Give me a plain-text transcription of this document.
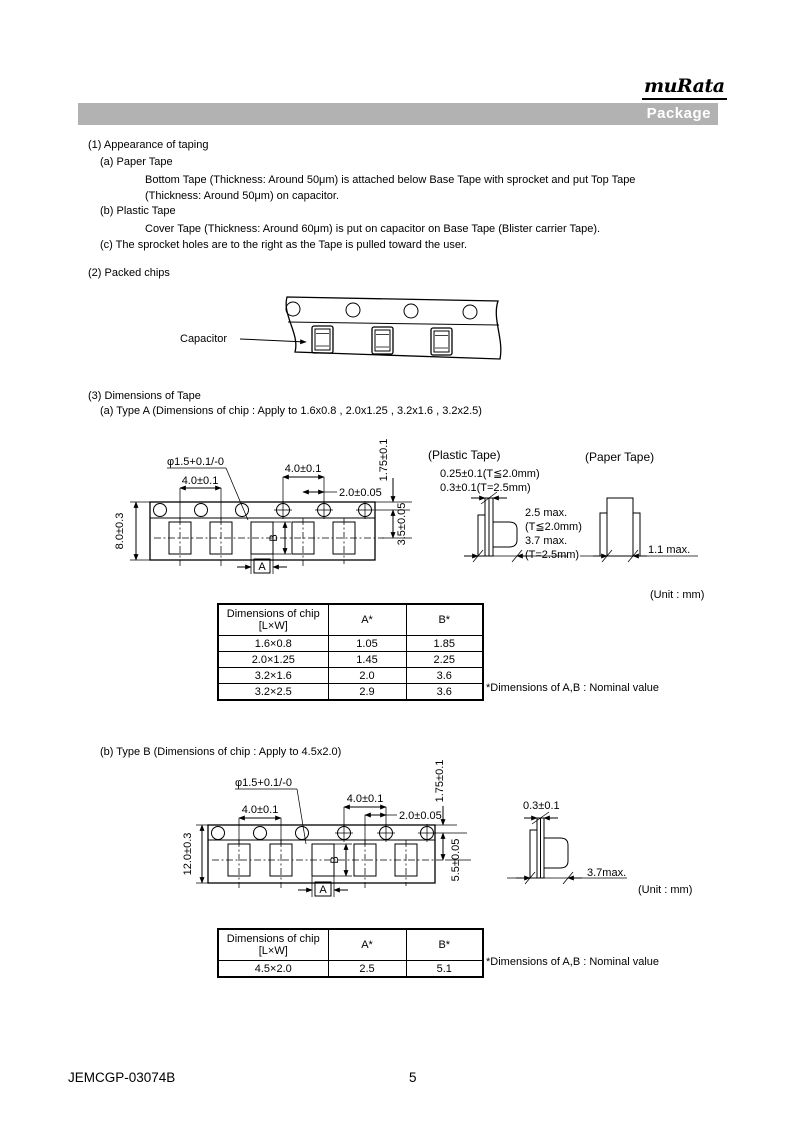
muRata
Package
(1) Appearance of taping
(a) Paper Tape
Bottom Tape (Thickness: Around 50μm) is attached below Base Tape with sprocket and put Top Tape
(Thickness: Around 50μm) on capacitor.
(b) Plastic Tape
Cover Tape (Thickness: Around 60μm) is put on capacitor on Base Tape (Blister carrier Tape).
(c) The sprocket holes are to the right as the Tape is pulled toward the user.
(2) Packed chips
Capacitor
(3) Dimensions of Tape
(a) Type A (Dimensions of chip : Apply to 1.6x0.8 , 2.0x1.25 , 3.2x1.6 , 3.2x2.5)
4.0±0.1
4.0±0.1
2.0±0.05
φ1.5+0.1/-0	1.75±0.1
3.5±0.05
8.0±0.3	B
A
(Plastic Tape)
0.25±0.1(T≦2.0mm)
0.3±0.1(T=2.5mm)
2.5 max.
(T≦2.0mm)
3.7 max.
(T=2.5mm)
(Paper Tape)
1.1 max.
(Unit : mm)
Dimensions of chip
[L×W]	A*	B*
1.6×0.8	1.05	1.85
2.0×1.25	1.45	2.25
3.2×1.6	2.0	3.6
3.2×2.5	2.9	3.6	*Dimensions of A,B : Nominal value
(b) Type B (Dimensions of chip : Apply to 4.5x2.0)
4.0±0.1
4.0±0.1
2.0±0.05
φ1.5+0.1/-0	1.75±0.1
5.5±0.05
12.0±0.3	B
A
0.3±0.1
3.7max.
(Unit : mm)
Dimensions of chip
[L×W]	A*	B*
4.5×2.0	2.5	5.1
*Dimensions of A,B : Nominal value
JEMCGP-03074B	5
